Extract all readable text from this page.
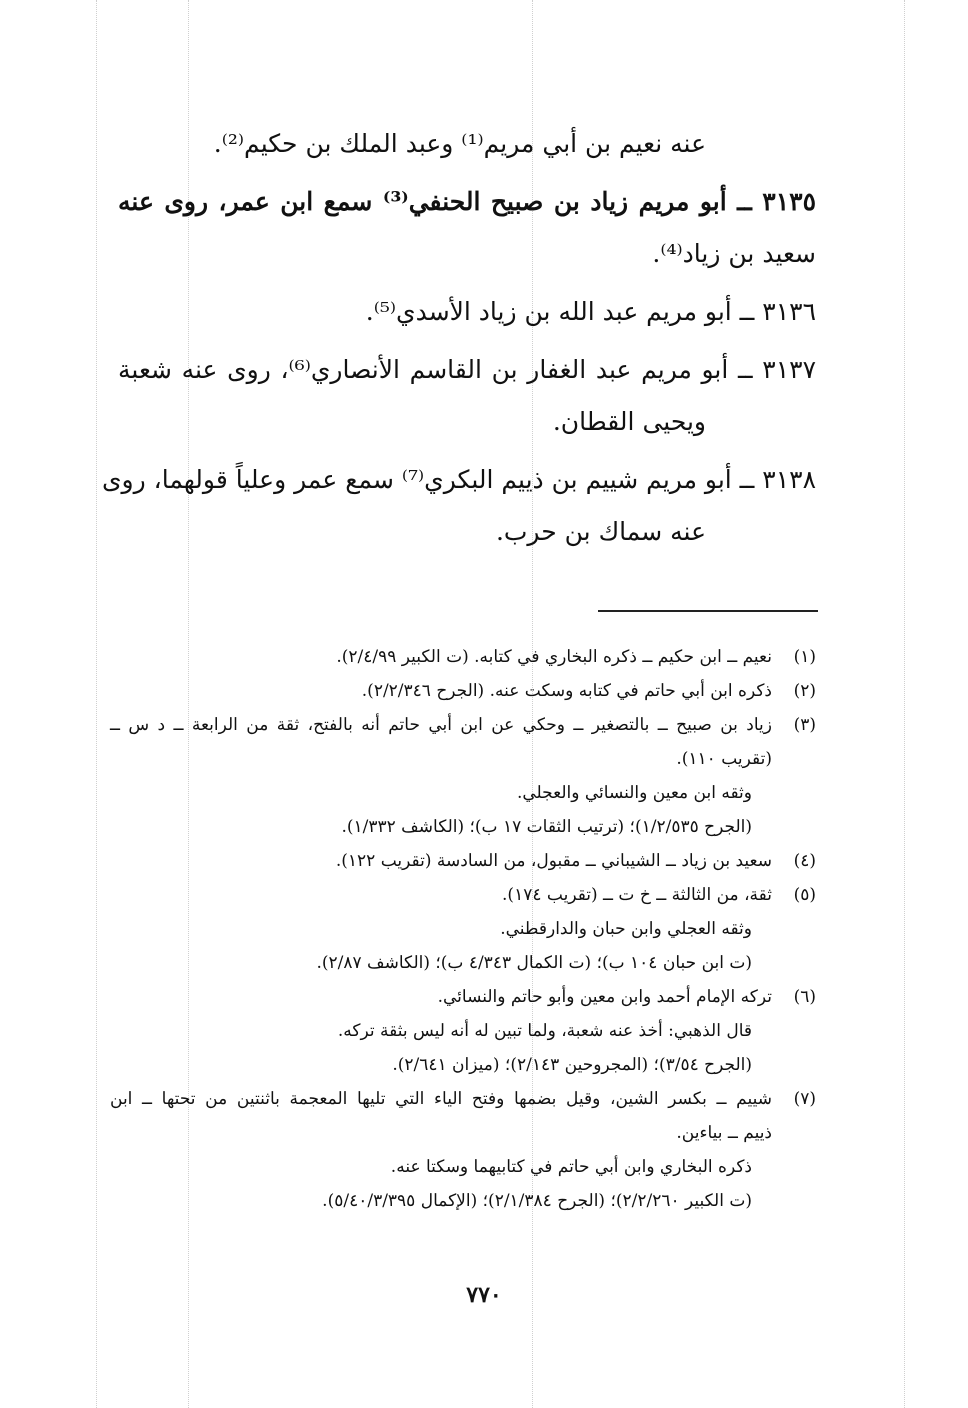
عنه نعيم بن أبي مريم⁽¹⁾ وعبد الملك بن حكيم⁽²⁾.
٣١٣٥ ــ أبو مريم زياد بن صبيح الحنفي⁽³⁾ سمع ابن عمر، روى عنه
سعيد بن زياد⁽⁴⁾.
٣١٣٦ ــ أبو مريم عبد الله بن زياد الأسدي⁽⁵⁾.
٣١٣٧ ــ أبو مريم عبد الغفار بن القاسم الأنصاري⁽⁶⁾، روى عنه شعبة
ويحيى القطان.
٣١٣٨ ــ أبو مريم شييم بن ذييم البكري⁽⁷⁾ سمع عمر وعلياً قولهما، روى
عنه سماك بن حرب.
(١)
نعيم ــ ابن حكيم ــ ذكره البخاري في كتابه. (ت الكبير ٢/٤/٩٩).
(٢)
ذكره ابن أبي حاتم في كتابه وسكت عنه. (الجرح ٢/٢/٣٤٦).
(٣)
زياد بن صبيح ــ بالتصغير ــ وحكي عن ابن أبي حاتم أنه بالفتح، ثقة من الرابعة ــ د س ــ
(تقريب ١١٠).
وثقه ابن معين والنسائي والعجلي.
(الجرح ١/٢/٥٣٥)؛ (ترتيب الثقات ١٧ ب)؛ (الكاشف ١/٣٣٢).
(٤)
سعيد بن زياد ــ الشيباني ــ مقبول، من السادسة (تقريب ١٢٢).
(٥)
ثقة، من الثالثة ــ خ ت ــ (تقريب ١٧٤).
وثقه العجلي وابن حبان والدارقطني.
(ت ابن حبان ١٠٤ ب)؛ (ت الكمال ٤/٣٤٣ ب)؛ (الكاشف ٢/٨٧).
(٦)
تركه الإمام أحمد وابن معين وأبو حاتم والنسائي.
قال الذهبي: أخذ عنه شعبة، ولما تبين له أنه ليس بثقة تركه.
(الجرح ٣/٥٤)؛ (المجروحين ٢/١٤٣)؛ (ميزان ٢/٦٤١).
(٧)
شييم ــ بكسر الشين، وقيل بضمها وفتح الياء التي تليها المعجمة باثنتين من تحتها ــ ابن
ذييم ــ بياءين.
ذكره البخاري وابن أبي حاتم في كتابيهما وسكتا عنه.
(ت الكبير ٢/٢/٢٦٠)؛ (الجرح ٢/١/٣٨٤)؛ (الإكمال ٥/٤٠/٣/٣٩٥).
٧٧٠
